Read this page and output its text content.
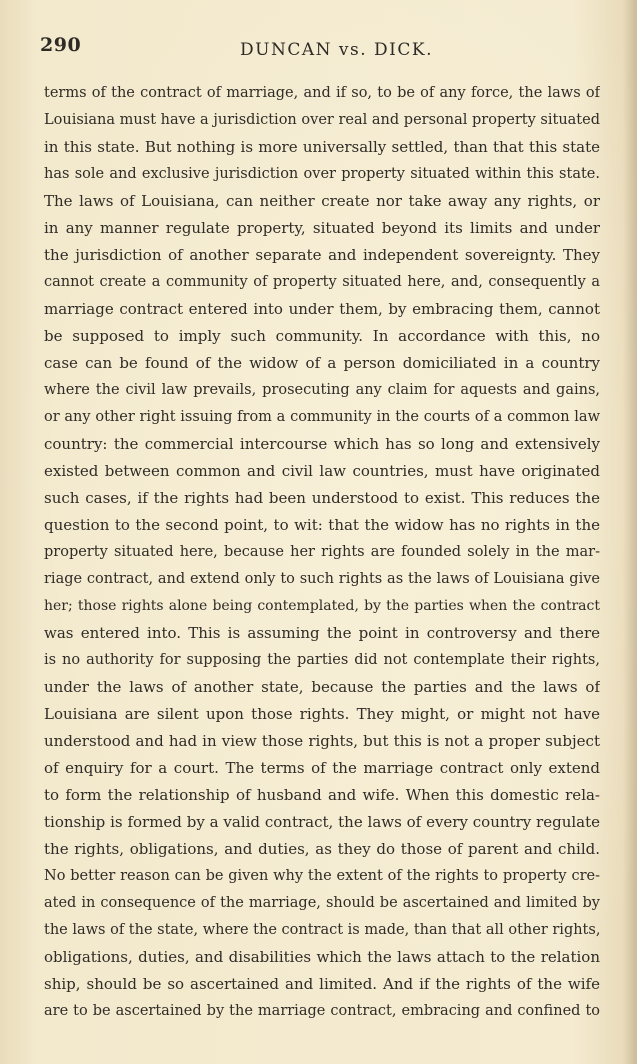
290	DUNCAN vs. DICK.
terms of the contract of marriage, and if so, to be of any force, the laws of
Louisiana must have a jurisdiction over real and personal property situated
in this state. But nothing is more universally settled, than that this state
has sole and exclusive jurisdiction over property situated within this state.
The laws of Louisiana, can neither create nor take away any rights, or
in any manner regulate property, situated beyond its limits and under
the jurisdiction of another separate and independent sovereignty. They
cannot create a community of property situated here, and, consequently a
marriage contract entered into under them, by embracing them, cannot
be supposed to imply such community. In accordance with this, no
case can be found of the widow of a person domiciliated in a country
where the civil law prevails, prosecuting any claim for aquests and gains,
or any other right issuing from a community in the courts of a common law
country: the commercial intercourse which has so long and extensively
existed between common and civil law countries, must have originated
such cases, if the rights had been understood to exist. This reduces the
question to the second point, to wit: that the widow has no rights in the
property situated here, because her rights are founded solely in the mar-
riage contract, and extend only to such rights as the laws of Louisiana give
her; those rights alone being contemplated, by the parties when the contract
was entered into. This is assuming the point in controversy and there
is no authority for supposing the parties did not contemplate their rights,
under the laws of another state, because the parties and the laws of
Louisiana are silent upon those rights. They might, or might not have
understood and had in view those rights, but this is not a proper subject
of enquiry for a court. The terms of the marriage contract only extend
to form the relationship of husband and wife. When this domestic rela-
tionship is formed by a valid contract, the laws of every country regulate
the rights, obligations, and duties, as they do those of parent and child.
No better reason can be given why the extent of the rights to property cre-
ated in consequence of the marriage, should be ascertained and limited by
the laws of the state, where the contract is made, than that all other rights,
obligations, duties, and disabilities which the laws attach to the relation
ship, should be so ascertained and limited. And if the rights of the wife
are to be ascertained by the marriage contract, embracing and confined to
